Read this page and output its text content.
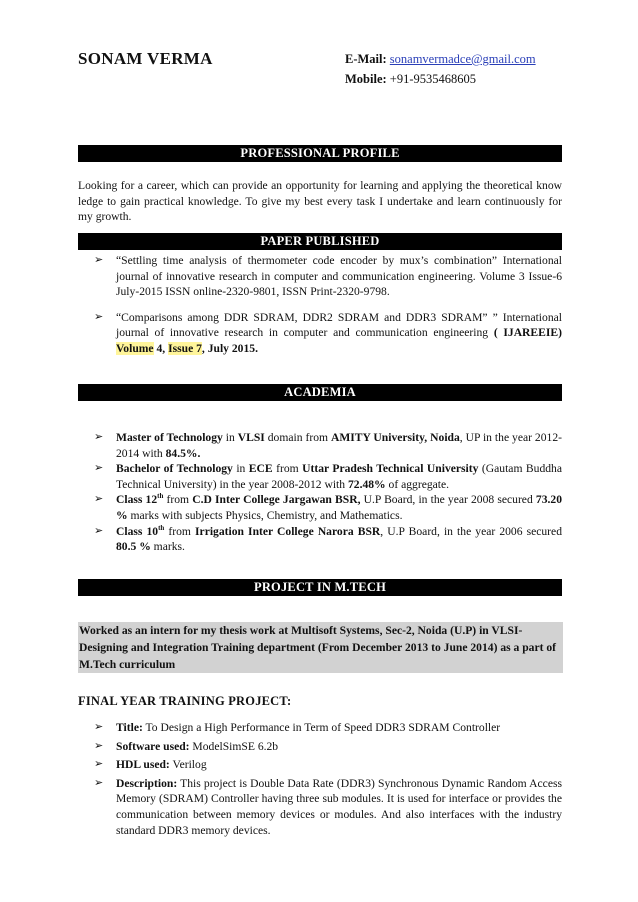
SONAM VERMA	E-Mail: sonamvermadce@gmail.com
Mobile: +91-9535468605
PROFESSIONAL PROFILE
Looking for a career, which can provide an opportunity for learning and applying the theoretical know ledge to gain practical knowledge. To give my best every task I undertake and learn continuously for my growth.
PAPER PUBLISHED
➢ “Settling time analysis of thermometer code encoder by mux’s combination” International journal of innovative research in computer and communication engineering. Volume 3 Issue-6 July-2015 ISSN online-2320-9801, ISSN Print-2320-9798.
➢ “Comparisons among DDR SDRAM, DDR2 SDRAM and DDR3 SDRAM” ” International journal of innovative research in computer and communication engineering ( IJAREEIE) Volume 4, Issue 7, July 2015.
ACADEMIA
➢ Master of Technology in VLSI domain from AMITY University, Noida, UP in the year 2012-2014 with 84.5%.
➢ Bachelor of Technology in ECE from Uttar Pradesh Technical University (Gautam Buddha Technical University) in the year 2008-2012 with 72.48% of aggregate.
➢ Class 12th from C.D Inter College Jargawan BSR, U.P Board, in the year 2008 secured 73.20 % marks with subjects Physics, Chemistry, and Mathematics.
➢ Class 10th from Irrigation Inter College Narora BSR, U.P Board, in the year 2006 secured 80.5 % marks.
PROJECT IN M.TECH
Worked as an intern for my thesis work at Multisoft Systems, Sec-2, Noida (U.P) in VLSI- Designing and Integration Training department (From December 2013 to June 2014) as a part of M.Tech curriculum
FINAL YEAR TRAINING PROJECT:
➢ Title: To Design a High Performance in Term of Speed DDR3 SDRAM Controller
➢ Software used: ModelSimSE 6.2b
➢ HDL used: Verilog
➢ Description: This project is Double Data Rate (DDR3) Synchronous Dynamic Random Access Memory (SDRAM) Controller having three sub modules. It is used for interface or provides the communication between memory devices or modules. And also interfaces with the industry standard DDR3 memory devices.
